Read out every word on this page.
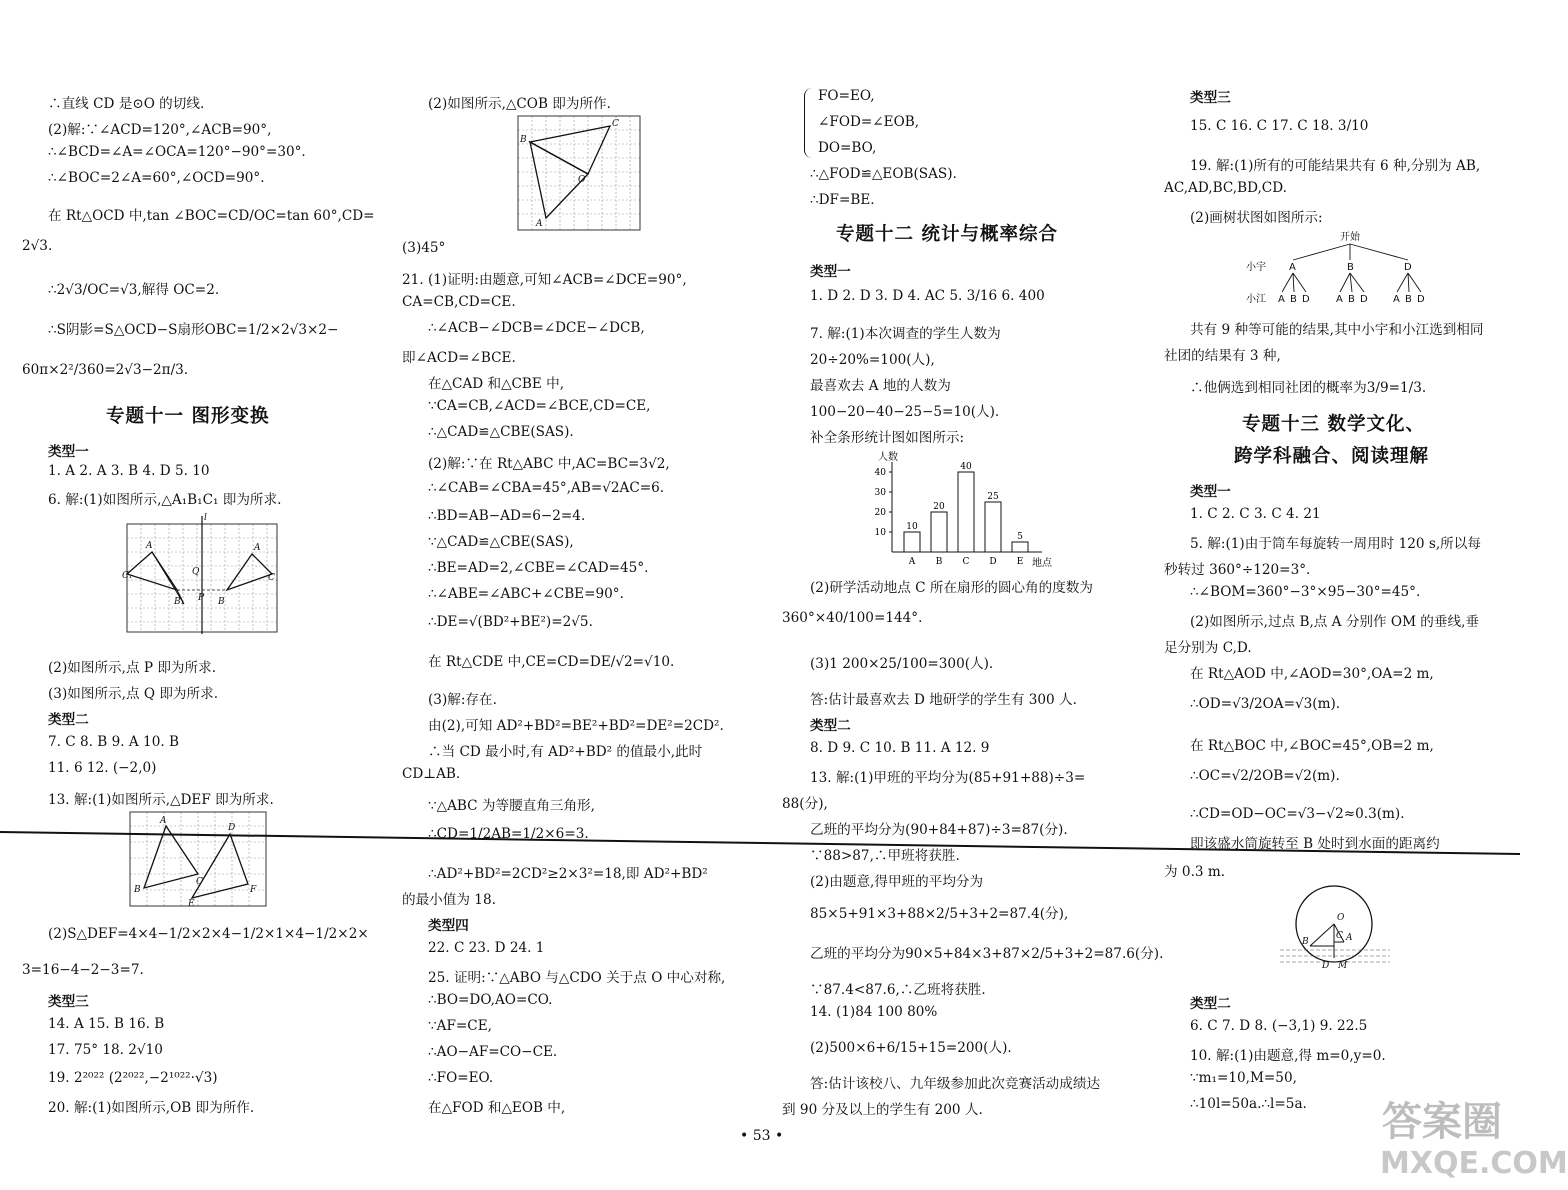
∴直线 CD 是⊙O 的切线.
(2)解:∵∠ACD=120°,∠ACB=90°,
∴∠BCD=∠A=∠OCA=120°−90°=30°.
∴∠BOC=2∠A=60°,∠OCD=90°.
在 Rt△OCD 中,tan ∠BOC=CD/OC=tan 60°,CD=
2√3.
∴2√3/OC=√3,解得 OC=2.
∴S阴影=S△OCD−S扇形OBC=1/2×2√3×2−
60π×2²/360=2√3−2π/3.
专题十一 图形变换
类型一
1. A 2. A 3. B 4. D 5. 10
6. 解:(1)如图所示,△A₁B₁C₁ 即为所求.
(2)如图所示,点 P 即为所求.
(3)如图所示,点 Q 即为所求.
类型二
7. C 8. B 9. A 10. B
11. 6 12. (−2,0)
13. 解:(1)如图所示,△DEF 即为所求.
(2)S△DEF=4×4−1/2×2×4−1/2×1×4−1/2×2×
3=16−4−2−3=7.
类型三
14. A 15. B 16. B
17. 75° 18. 2√10
19. 2²⁰²² (2²⁰²²,−2¹⁰²²·√3)
20. 解:(1)如图所示,OB 即为所作.
A
C₁
B₁
l
Q
P
A
C
B
A
B
C
D
E
F
(2)如图所示,△COB 即为所作.
(3)45°
21. (1)证明:由题意,可知∠ACB=∠DCE=90°,
CA=CB,CD=CE.
∴∠ACB−∠DCB=∠DCE−∠DCB,
即∠ACD=∠BCE.
在△CAD 和△CBE 中,
∵CA=CB,∠ACD=∠BCE,CD=CE,
∴△CAD≌△CBE(SAS).
(2)解:∵在 Rt△ABC 中,AC=BC=3√2,
∴∠CAB=∠CBA=45°,AB=√2AC=6.
∴BD=AB−AD=6−2=4.
∵△CAD≌△CBE(SAS),
∴BE=AD=2,∠CBE=∠CAD=45°.
∴∠ABE=∠ABC+∠CBE=90°.
∴DE=√(BD²+BE²)=2√5.
在 Rt△CDE 中,CE=CD=DE/√2=√10.
(3)解:存在.
由(2),可知 AD²+BD²=BE²+BD²=DE²=2CD².
∴当 CD 最小时,有 AD²+BD² 的值最小,此时
CD⊥AB.
∵△ABC 为等腰直角三角形,
∴CD=1/2AB=1/2×6=3.
∴AD²+BD²=2CD²≥2×3²=18,即 AD²+BD²
的最小值为 18.
类型四
22. C 23. D 24. 1
25. 证明:∵△ABO 与△CDO 关于点 O 中心对称,
∴BO=DO,AO=CO.
∵AF=CE,
∴AO−AF=CO−CE.
∴FO=EO.
在△FOD 和△EOB 中,
B
C
O
A
FO=EO,
∠FOD=∠EOB,
DO=BO,
∴△FOD≌△EOB(SAS).
∴DF=BE.
专题十二 统计与概率综合
类型一
1. D 2. D 3. D 4. AC 5. 3/16 6. 400
7. 解:(1)本次调查的学生人数为
20÷20%=100(人),
最喜欢去 A 地的人数为
100−20−40−25−5=10(人).
补全条形统计图如图所示:
(2)研学活动地点 C 所在扇形的圆心角的度数为
360°×40/100=144°.
(3)1 200×25/100=300(人).
答:估计最喜欢去 D 地研学的学生有 300 人.
类型二
8. D 9. C 10. B 11. A 12. 9
13. 解:(1)甲班的平均分为(85+91+88)÷3=
88(分),
乙班的平均分为(90+84+87)÷3=87(分).
∵88>87,∴甲班将获胜.
(2)由题意,得甲班的平均分为
85×5+91×3+88×2/5+3+2=87.4(分),
乙班的平均分为90×5+84×3+87×2/5+3+2=87.6(分).
∵87.4<87.6,∴乙班将获胜.
14. (1)84 100 80%
(2)500×6+6/15+15=200(人).
答:估计该校八、九年级参加此次竞赛活动成绩达
到 90 分及以上的学生有 200 人.
人数
地点
10
20
30
40
10
A
20
B
40
C
25
D
5
E
类型三
15. C 16. C 17. C 18. 3/10
19. 解:(1)所有的可能结果共有 6 种,分别为 AB,
AC,AD,BC,BD,CD.
(2)画树状图如图所示:
共有 9 种等可能的结果,其中小宇和小江选到相同
社团的结果有 3 种,
∴他俩选到相同社团的概率为3/9=1/3.
专题十三 数学文化、
跨学科融合、阅读理解
类型一
1. C 2. C 3. C 4. 21
5. 解:(1)由于筒车每旋转一周用时 120 s,所以每
秒转过 360°÷120=3°.
∴∠BOM=360°−3°×95−30°=45°.
(2)如图所示,过点 B,点 A 分别作 OM 的垂线,垂
足分别为 C,D.
在 Rt△AOD 中,∠AOD=30°,OA=2 m,
∴OD=√3/2OA=√3(m).
在 Rt△BOC 中,∠BOC=45°,OB=2 m,
∴OC=√2/2OB=√2(m).
∴CD=OD−OC=√3−√2≈0.3(m).
即该盛水筒旋转至 B 处时到水面的距离约
为 0.3 m.
类型二
6. C 7. D 8. (−3,1) 9. 22.5
10. 解:(1)由题意,得 m=0,y=0.
∵m₁=10,M=50,
∴10l=50a.∴l=5a.
开始
小宇
小江
A	B	D
A B D	A B D	A B D
O
B	A
C
D M
• 53 •	答案圈
MXQE.COM
